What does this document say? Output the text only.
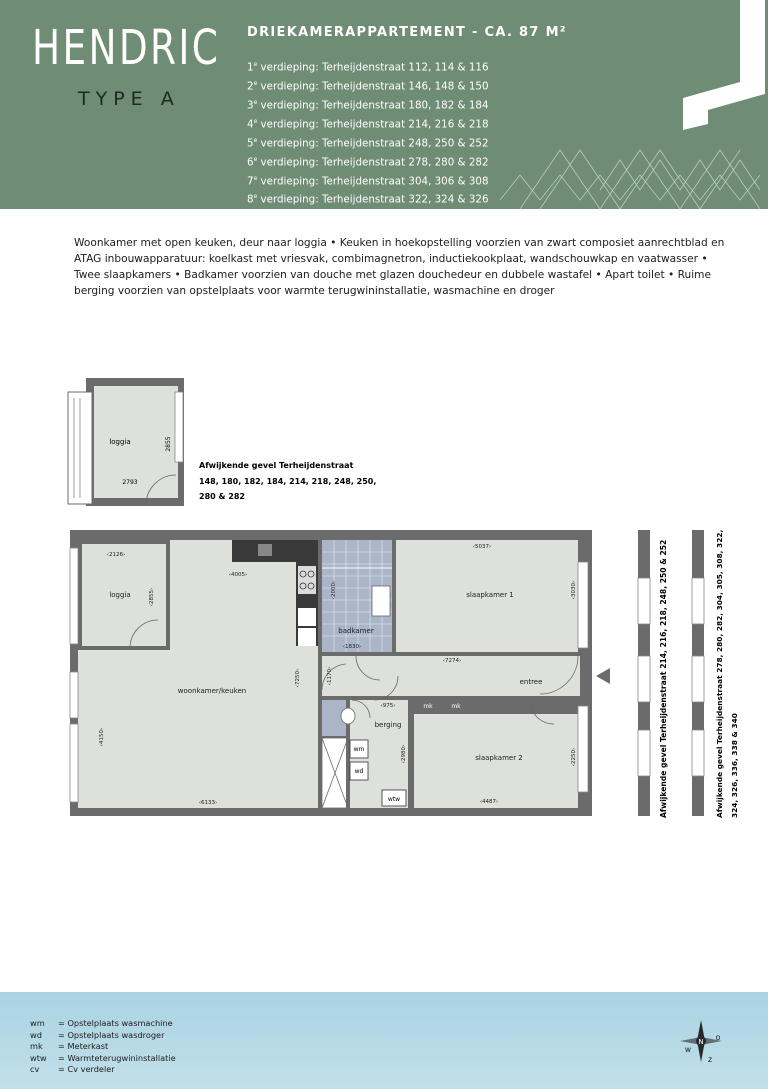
HENDRIC
TYPE A
DRIEKAMERAPPARTEMENT - CA. 87 M²
1e verdieping: Terheijdenstraat 112, 114 & 116
2e verdieping: Terheijdenstraat 146, 148 & 150
3e verdieping: Terheijdenstraat 180, 182 & 184
4e verdieping: Terheijdenstraat 214, 216 & 218
5e verdieping: Terheijdenstraat 248, 250 & 252
6e verdieping: Terheijdenstraat 278, 280 & 282
7e verdieping: Terheijdenstraat 304, 306 & 308
8e verdieping: Terheijdenstraat 322, 324 & 326
9e verdieping: Terheijdenstraat 336, 338 & 340
Woonkamer met open keuken, deur naar loggia • Keuken in hoekopstelling voorzien van zwart composiet aanrechtblad en ATAG inbouwapparatuur: koelkast met vriesvak, combimagnetron, inductiekookplaat, wandschouwkap en vaatwasser • Twee slaapkamers • Badkamer voorzien van douche met glazen douchedeur en dubbele wastafel • Apart toilet • Ruime berging voorzien van opstelplaats voor warmte terugwininstallatie, wasmachine en droger
loggia
2793
2855
Afwijkende gevel Terheijdenstraat
148, 180, 182, 184, 214, 218, 248, 250,
280 & 282
mk	mk
wm
wd
wtw
loggia
woonkamer/keuken
badkamer
slaapkamer 1
entree
berging
slaapkamer 2
‹2126›
‹2855›
‹4005›
‹7250›
‹4150›
‹6133›
‹2000›
‹1830›
‹5037›
‹3030›
‹7274›
‹1170›
‹975›
‹2980›
‹4487›
‹2250›	Afwijkende gevel Terheijdenstraat 214, 216, 218, 248, 250 & 252	Afwijkende gevel Terheijdenstraat 278, 280, 282, 304, 305, 308, 322, 324, 326, 336, 338 & 340
wm	= Opstelplaats wasmachine
wd	= Opstelplaats wasdroger
mk	= Meterkast
wtw	= Warmteterugwininstallatie
cv	= Cv verdeler
N O
Z
W
